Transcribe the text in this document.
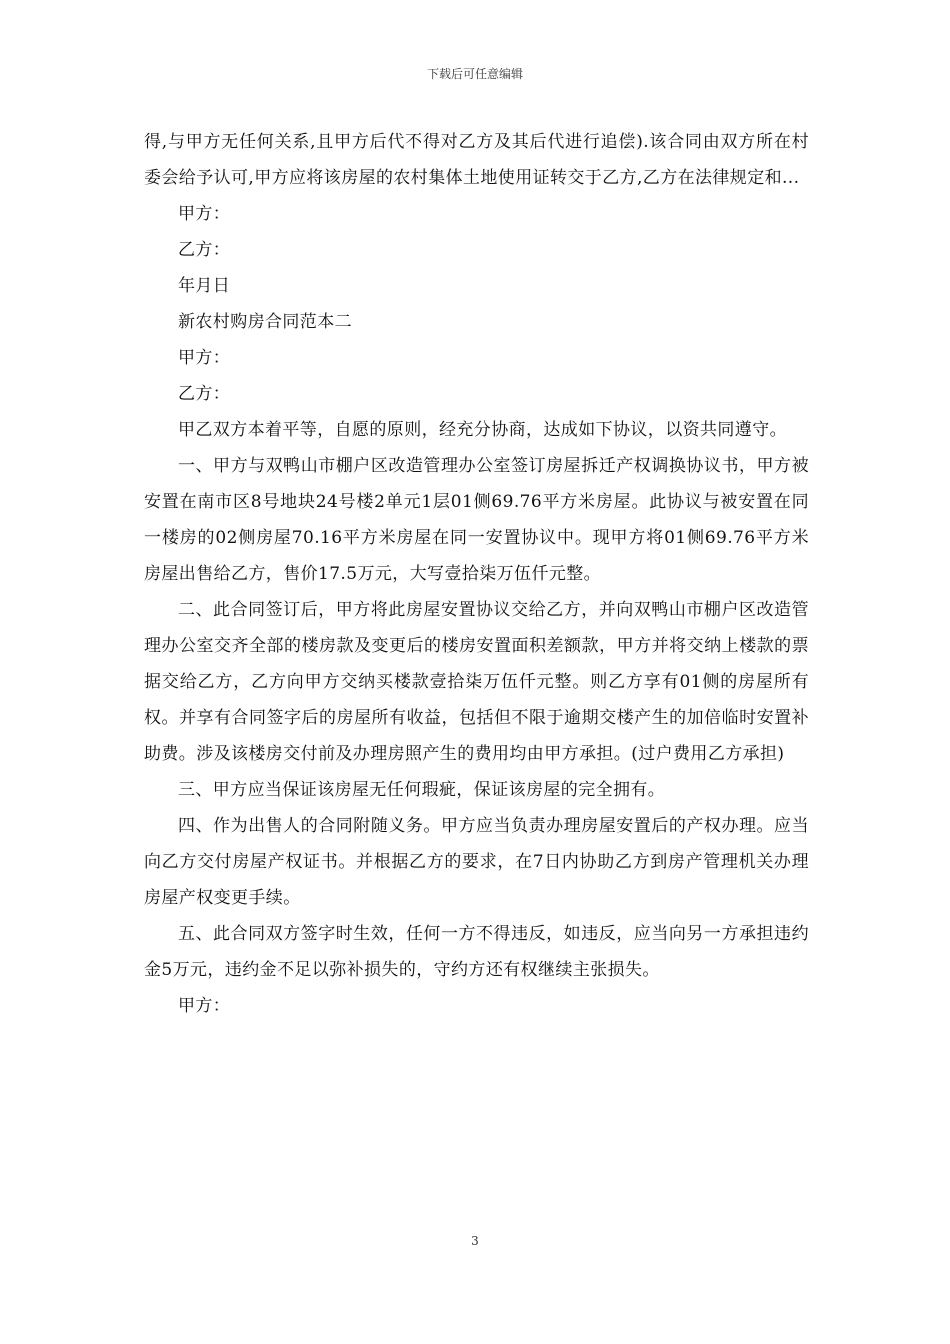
下载后可任意编辑

得,与甲方无任何关系,且甲方后代不得对乙方及其后代进行追偿).该合同由双方所在村委会给予认可,甲方应将该房屋的农村集体土地使用证转交于乙方,乙方在法律规定和...

甲方：

乙方：

年月日

新农村购房合同范本二

甲方：

乙方：

甲乙双方本着平等，自愿的原则，经充分协商，达成如下协议，以资共同遵守。

一、甲方与双鸭山市棚户区改造管理办公室签订房屋拆迁产权调换协议书，甲方被安置在南市区8号地块24号楼2单元1层01侧69.76平方米房屋。此协议与被安置在同一楼房的02侧房屋70.16平方米房屋在同一安置协议中。现甲方将01侧69.76平方米房屋出售给乙方，售价17.5万元，大写壹拾柒万伍仟元整。

二、此合同签订后，甲方将此房屋安置协议交给乙方，并向双鸭山市棚户区改造管理办公室交齐全部的楼房款及变更后的楼房安置面积差额款，甲方并将交纳上楼款的票据交给乙方，乙方向甲方交纳买楼款壹拾柒万伍仟元整。则乙方享有01侧的房屋所有权。并享有合同签字后的房屋所有收益，包括但不限于逾期交楼产生的加倍临时安置补助费。涉及该楼房交付前及办理房照产生的费用均由甲方承担。(过户费用乙方承担)

三、甲方应当保证该房屋无任何瑕疵，保证该房屋的完全拥有。

四、作为出售人的合同附随义务。甲方应当负责办理房屋安置后的产权办理。应当向乙方交付房屋产权证书。并根据乙方的要求，在7日内协助乙方到房产管理机关办理房屋产权变更手续。

五、此合同双方签字时生效，任何一方不得违反，如违反，应当向另一方承担违约金5万元，违约金不足以弥补损失的，守约方还有权继续主张损失。

甲方：

3
